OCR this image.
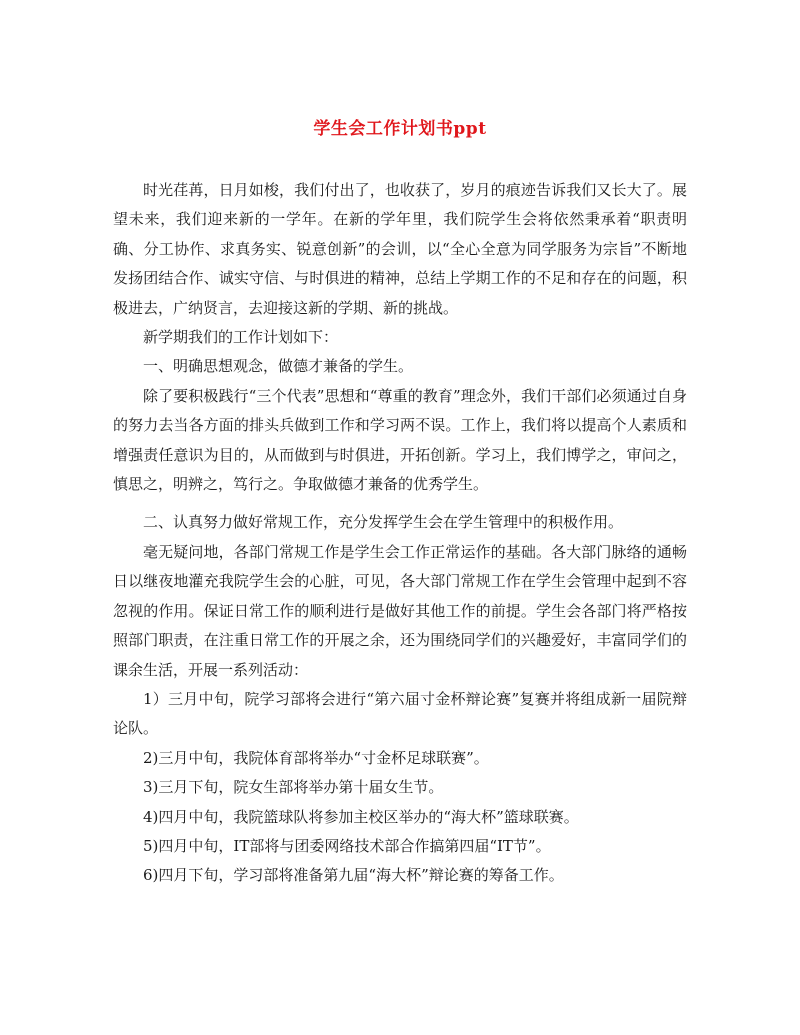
学生会工作计划书ppt

时光荏苒，日月如梭，我们付出了，也收获了，岁月的痕迹告诉我们又长大了。展望未来，我们迎来新的一学年。在新的学年里，我们院学生会将依然秉承着“职责明确、分工协作、求真务实、锐意创新”的会训，以“全心全意为同学服务为宗旨”不断地发扬团结合作、诚实守信、与时俱进的精神，总结上学期工作的不足和存在的问题，积极进去，广纳贤言，去迎接这新的学期、新的挑战。

新学期我们的工作计划如下：

一、明确思想观念，做德才兼备的学生。

除了要积极践行“三个代表”思想和“尊重的教育”理念外，我们干部们必须通过自身的努力去当各方面的排头兵做到工作和学习两不误。工作上，我们将以提高个人素质和增强责任意识为目的，从而做到与时俱进，开拓创新。学习上，我们博学之，审问之，慎思之，明辨之，笃行之。争取做德才兼备的优秀学生。

二、认真努力做好常规工作，充分发挥学生会在学生管理中的积极作用。

毫无疑问地，各部门常规工作是学生会工作正常运作的基础。各大部门脉络的通畅日以继夜地灌充我院学生会的心脏，可见，各大部门常规工作在学生会管理中起到不容忽视的作用。保证日常工作的顺利进行是做好其他工作的前提。学生会各部门将严格按照部门职责，在注重日常工作的开展之余，还为围绕同学们的兴趣爱好，丰富同学们的课余生活，开展一系列活动：

1）三月中旬，院学习部将会进行“第六届寸金杯辩论赛”复赛并将组成新一届院辩论队。

2)三月中旬，我院体育部将举办“寸金杯足球联赛”。

3)三月下旬，院女生部将举办第十届女生节。

4)四月中旬，我院篮球队将参加主校区举办的“海大杯”篮球联赛。

5)四月中旬，IT部将与团委网络技术部合作搞第四届“IT节”。

6)四月下旬，学习部将准备第九届“海大杯”辩论赛的筹备工作。
